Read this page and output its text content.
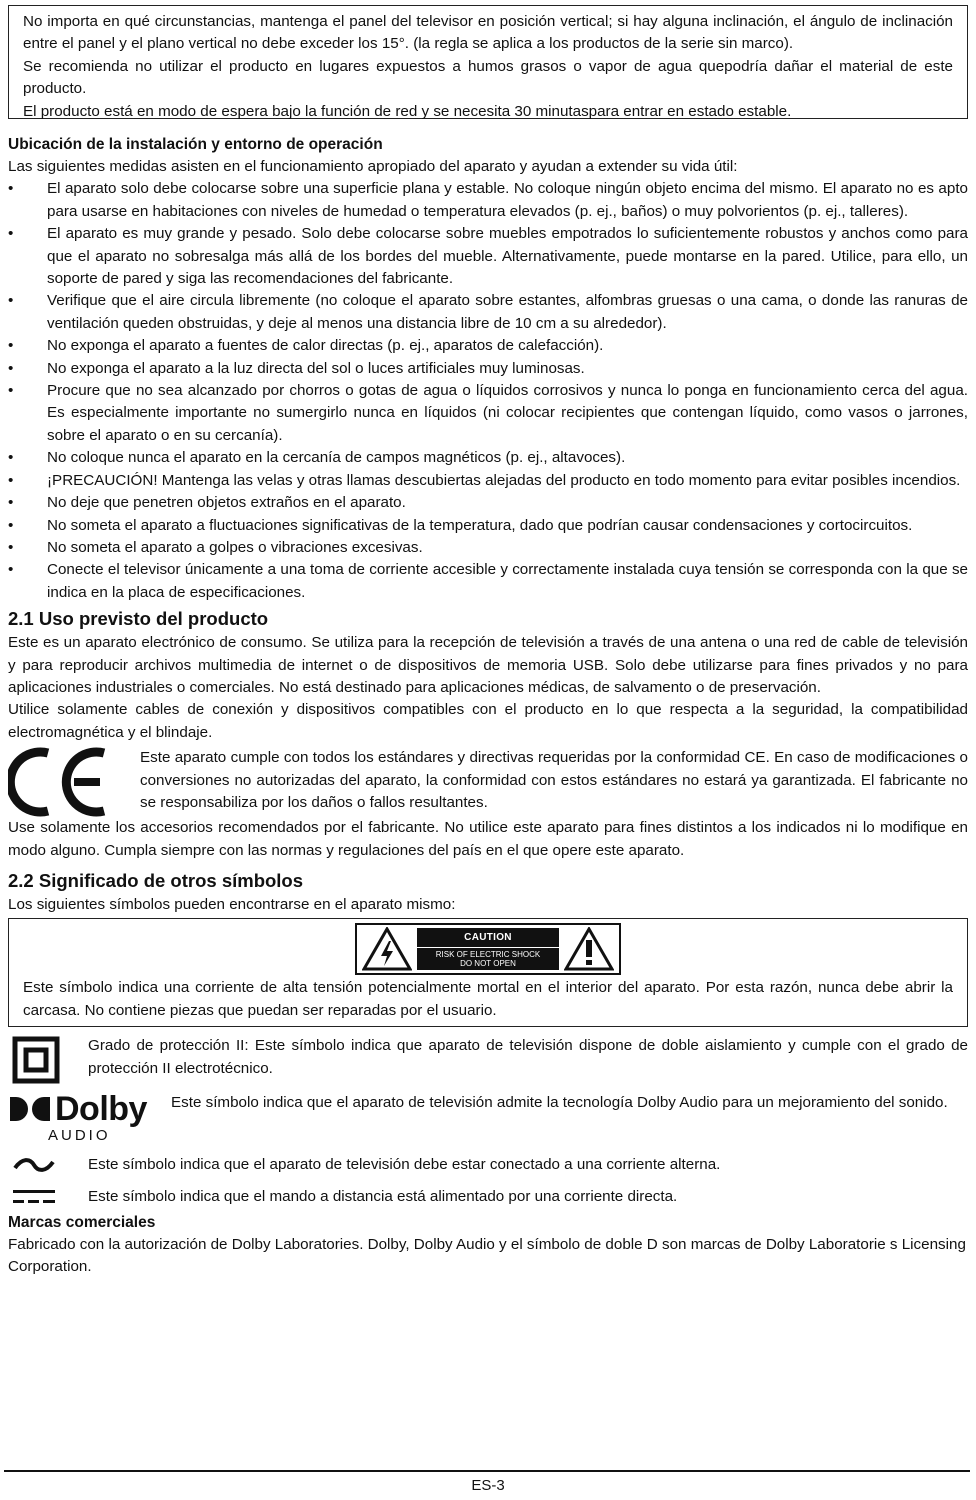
No importa en qué circunstancias, mantenga el panel del televisor en posición vertical; si hay alguna inclinación, el ángulo de inclinación entre el panel y el plano vertical no debe exceder los 15°. (la regla se aplica a los productos de la serie sin marco).

Se recomienda no utilizar el producto en lugares expuestos a humos grasos o vapor de agua quepodría dañar el material de este producto.

El producto está en modo de espera bajo la función de red y se necesita 30 minutaspara entrar en estado estable.

Ubicación de la instalación y entorno de operación

Las siguientes medidas asisten en el funcionamiento apropiado del aparato y ayudan a extender su vida útil:

• El aparato solo debe colocarse sobre una superficie plana y estable. No coloque ningún objeto encima del mismo. El aparato no es apto para usarse en habitaciones con niveles de humedad o temperatura elevados (p. ej., baños) o muy polvorientos (p. ej., talleres).
• El aparato es muy grande y pesado. Solo debe colocarse sobre muebles empotrados lo suficientemente robustos y anchos como para que el aparato no sobresalga más allá de los bordes del mueble. Alternativamente, puede montarse en la pared. Utilice, para ello, un soporte de pared y siga las recomendaciones del fabricante.
• Verifique que el aire circula libremente (no coloque el aparato sobre estantes, alfombras gruesas o una cama, o donde las ranuras de ventilación queden obstruidas, y deje al menos una distancia libre de 10 cm a su alrededor).
• No exponga el aparato a fuentes de calor directas (p. ej., aparatos de calefacción).
• No exponga el aparato a la luz directa del sol o luces artificiales muy luminosas.
• Procure que no sea alcanzado por chorros o gotas de agua o líquidos corrosivos y nunca lo ponga en funcionamiento cerca del agua. Es especialmente importante no sumergirlo nunca en líquidos (ni colocar recipientes que contengan líquido, como vasos o jarrones, sobre el aparato o en su cercanía).
• No coloque nunca el aparato en la cercanía de campos magnéticos (p. ej., altavoces).
• ¡PRECAUCIÓN! Mantenga las velas y otras llamas descubiertas alejadas del producto en todo momento para evitar posibles incendios.
• No deje que penetren objetos extraños en el aparato.
• No someta el aparato a fluctuaciones significativas de la temperatura, dado que podrían causar condensaciones y cortocircuitos.
• No someta el aparato a golpes o vibraciones excesivas.
• Conecte el televisor únicamente a una toma de corriente accesible y correctamente instalada cuya tensión se corresponda con la que se indica en la placa de especificaciones.
2.1 Uso previsto del producto

Este es un aparato electrónico de consumo. Se utiliza para la recepción de televisión a través de una antena o una red de cable de televisión y para reproducir archivos multimedia de internet o de dispositivos de memoria USB. Solo debe utilizarse para fines privados y no para aplicaciones industriales o comerciales. No está destinado para aplicaciones médicas, de salvamento o de preservación.

Utilice solamente cables de conexión y dispositivos compatibles con el producto en lo que respecta a la seguridad, la compatibilidad electromagnética y el blindaje.

Este aparato cumple con todos los estándares y directivas requeridas por la conformidad CE. En caso de modificaciones o conversiones no autorizadas del aparato, la conformidad con estos estándares no estará ya garantizada. El fabricante no se responsabiliza por los daños o fallos resultantes.

Use solamente los accesorios recomendados por el fabricante. No utilice este aparato para fines distintos a los indicados ni lo modifique en modo alguno. Cumpla siempre con las normas y regulaciones del país en el que opere este aparato.

2.2 Significado de otros símbolos

Los siguientes símbolos pueden encontrarse en el aparato mismo:

CAUTION
RISK OF ELECTRIC SHOCK
DO NOT OPEN

Este símbolo indica una corriente de alta tensión potencialmente mortal en el interior del aparato. Por esta razón, nunca debe abrir la carcasa. No contiene piezas que puedan ser reparadas por el usuario.

Grado de protección II: Este símbolo indica que aparato de televisión dispone de doble aislamiento y cumple con el grado de protección II electrotécnico.
Dolby
AUDIO
Este símbolo indica que el aparato de televisión admite la tecnología Dolby Audio para un mejoramiento del sonido.
Este símbolo indica que el aparato de televisión debe estar conectado a una corriente alterna.
Este símbolo indica que el mando a distancia está alimentado por una corriente directa.
Marcas comerciales

Fabricado con la autorización de Dolby Laboratories. Dolby, Dolby Audio y el símbolo de doble D son marcas de Dolby Laboratorie s Licensing Corporation.

ES-3
